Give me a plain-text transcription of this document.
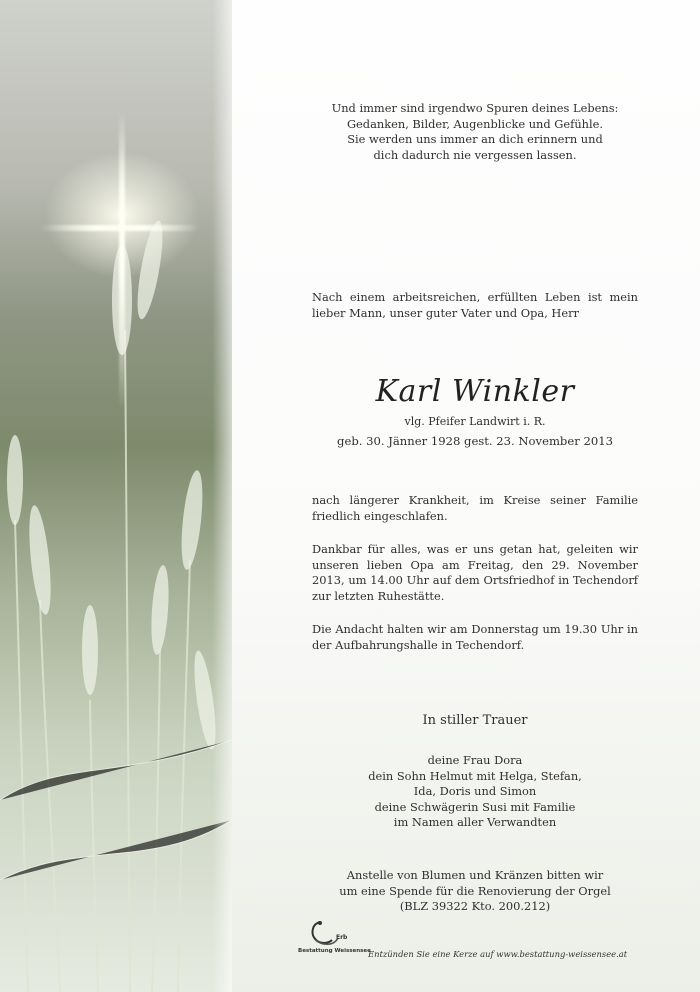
Und immer sind irgendwo Spuren deines Lebens:
Gedanken, Bilder, Augenblicke und Gefühle.
Sie werden uns immer an dich erinnern und
dich dadurch nie vergessen lassen.
Nach einem arbeitsreichen, erfüllten Leben ist mein lieber Mann, unser guter Vater und Opa, Herr
Karl Winkler
vlg. Pfeifer Landwirt i. R.
geb. 30. Jänner 1928 gest. 23. November 2013
nach längerer Krankheit, im Kreise seiner Familie friedlich eingeschlafen.
Dankbar für alles, was er uns getan hat, geleiten wir unseren lieben Opa am Freitag, den 29. November 2013, um 14.00 Uhr auf dem Ortsfriedhof in Techendorf zur letzten Ruhestätte.
Die Andacht halten wir am Donnerstag um 19.30 Uhr in der Aufbahrungshalle in Techendorf.
In stiller Trauer
deine Frau Dora
dein Sohn Helmut mit Helga, Stefan,
Ida, Doris und Simon
deine Schwägerin Susi mit Familie
im Namen aller Verwandten
Anstelle von Blumen und Kränzen bitten wir
um eine Spende für die Renovierung der Orgel
(BLZ 39322 Kto. 200.212)
Erb
Bestattung Weissensee
Entzünden Sie eine Kerze auf www.bestattung-weissensee.at
